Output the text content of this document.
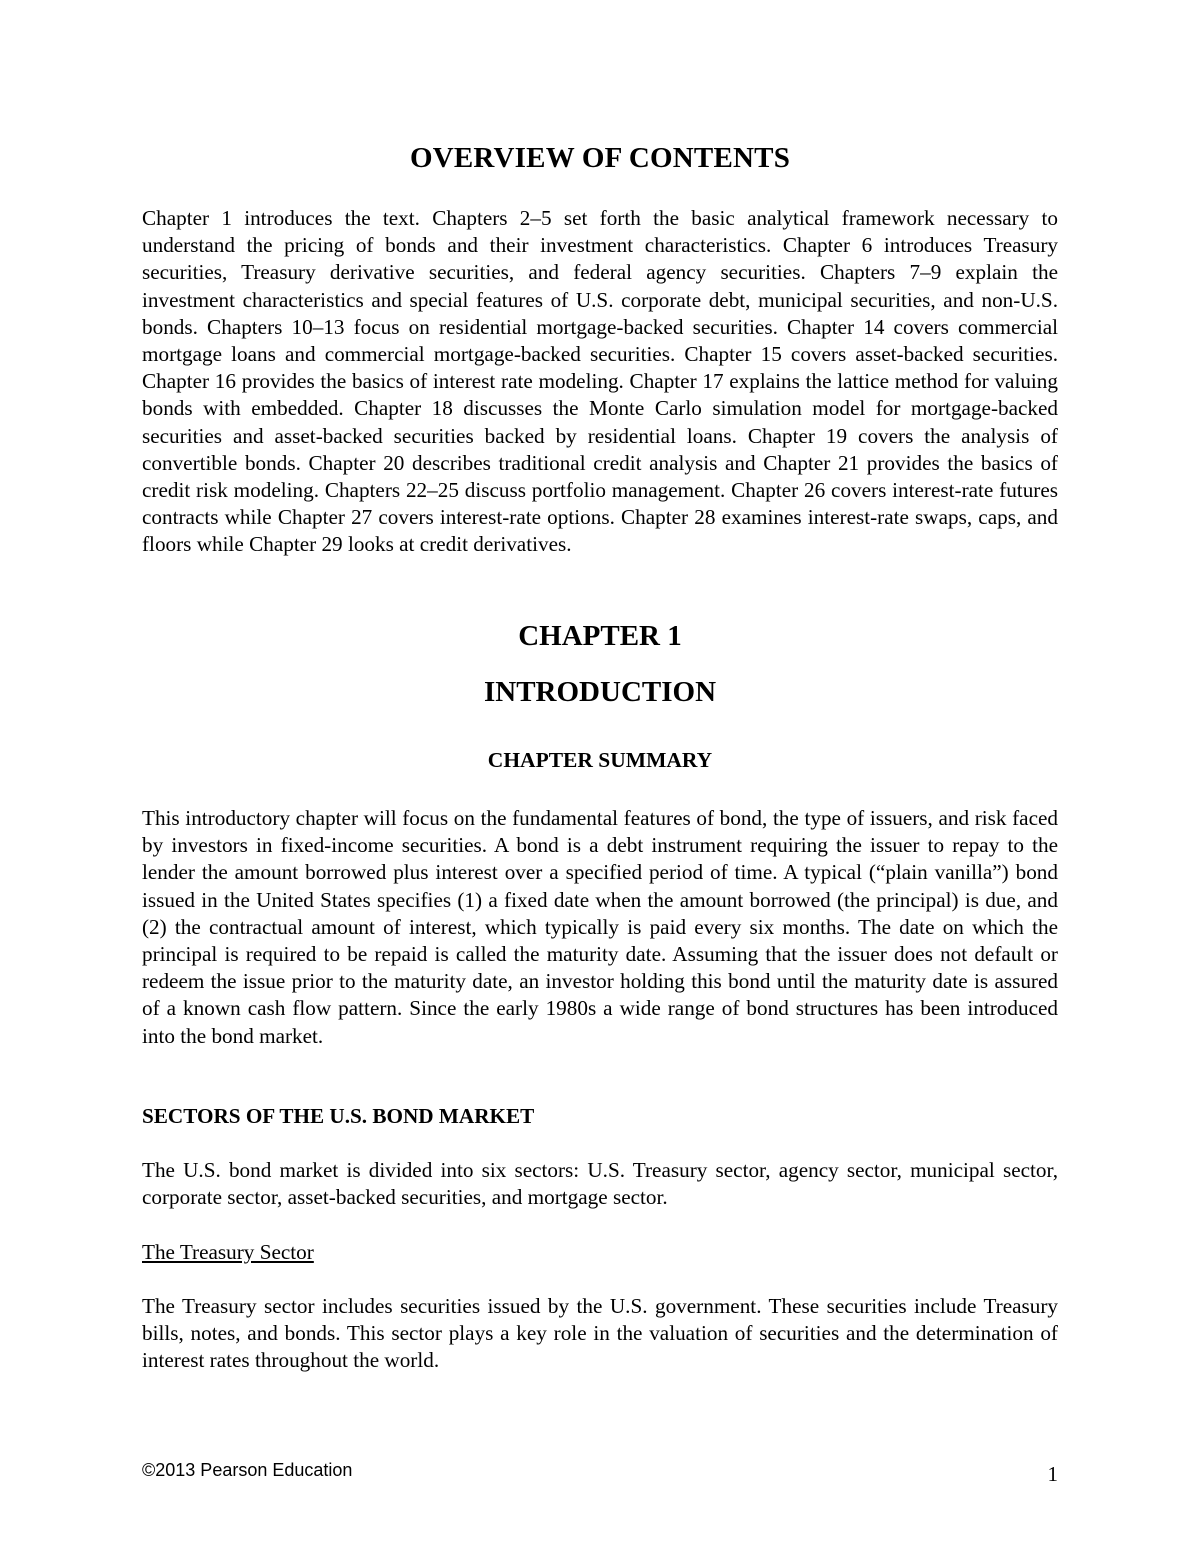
OVERVIEW OF CONTENTS

Chapter 1 introduces the text. Chapters 2–5 set forth the basic analytical framework necessary to understand the pricing of bonds and their investment characteristics. Chapter 6 introduces Treasury securities, Treasury derivative securities, and federal agency securities. Chapters 7–9 explain the investment characteristics and special features of U.S. corporate debt, municipal securities, and non-U.S. bonds. Chapters 10–13 focus on residential mortgage-backed securities. Chapter 14 covers commercial mortgage loans and commercial mortgage-backed securities. Chapter 15 covers asset-backed securities. Chapter 16 provides the basics of interest rate modeling. Chapter 17 explains the lattice method for valuing bonds with embedded. Chapter 18 discusses the Monte Carlo simulation model for mortgage-backed securities and asset-backed securities backed by residential loans. Chapter 19 covers the analysis of convertible bonds. Chapter 20 describes traditional credit analysis and Chapter 21 provides the basics of credit risk modeling. Chapters 22–25 discuss portfolio management. Chapter 26 covers interest-rate futures contracts while Chapter 27 covers interest-rate options. Chapter 28 examines interest-rate swaps, caps, and floors while Chapter 29 looks at credit derivatives.

CHAPTER 1
INTRODUCTION
CHAPTER SUMMARY

This introductory chapter will focus on the fundamental features of bond, the type of issuers, and risk faced by investors in fixed-income securities. A bond is a debt instrument requiring the issuer to repay to the lender the amount borrowed plus interest over a specified period of time. A typical (“plain vanilla”) bond issued in the United States specifies (1) a fixed date when the amount borrowed (the principal) is due, and (2) the contractual amount of interest, which typically is paid every six months. The date on which the principal is required to be repaid is called the maturity date. Assuming that the issuer does not default or redeem the issue prior to the maturity date, an investor holding this bond until the maturity date is assured of a known cash flow pattern. Since the early 1980s a wide range of bond structures has been introduced into the bond market.

SECTORS OF THE U.S. BOND MARKET

The U.S. bond market is divided into six sectors: U.S. Treasury sector, agency sector, municipal sector, corporate sector, asset-backed securities, and mortgage sector.

The Treasury Sector

The Treasury sector includes securities issued by the U.S. government. These securities include Treasury bills, notes, and bonds. This sector plays a key role in the valuation of securities and the determination of interest rates throughout the world.

©2013 Pearson Education	1
